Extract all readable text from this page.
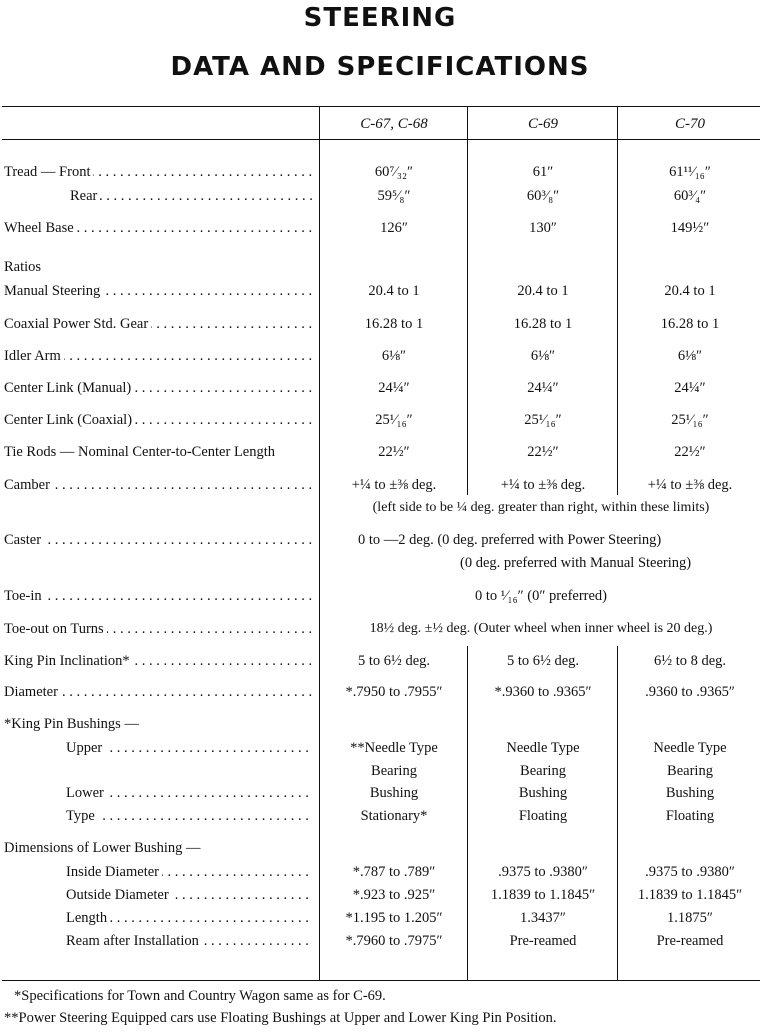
STEERING
DATA AND SPECIFICATIONS
C-67, C-68	C-69	C-70
Tread — Front . . .	60⁷⁄₃₂″	61″	61¹¹⁄₁₆″
Rear . . .	59⁵⁄₈″	60³⁄₈″	60³⁄₄″
Wheel Base . . .	126″	130″	149½″
Ratios
Manual Steering . . .	20.4 to 1	20.4 to 1	20.4 to 1
Coaxial Power Std. Gear . . .	16.28 to 1	16.28 to 1	16.28 to 1
Idler Arm . . .	6⅛″	6⅛″	6⅛″
Center Link (Manual) . . .	24¼″	24¼″	24¼″
Center Link (Coaxial) . . .	25¹⁄₁₆″	25¹⁄₁₆″	25¹⁄₁₆″
Tie Rods — Nominal Center-to-Center Length	22½″	22½″	22½″
Camber . . .	+¼ to ±⅜ deg.	+¼ to ±⅜ deg.	+¼ to ±⅜ deg.
(left side to be ¼ deg. greater than right, within these limits)
Caster . . .	0 to —2 deg. (0 deg. preferred with Power Steering)
(0 deg. preferred with Manual Steering)
Toe-in . . .	0 to ¹⁄₁₆″ (0″ preferred)
Toe-out on Turns . . .	18½ deg. ±½ deg. (Outer wheel when inner wheel is 20 deg.)
King Pin Inclination* . . .	5 to 6½ deg.	5 to 6½ deg.	6½ to 8 deg.
Diameter . . .	*.7950 to .7955″	*.9360 to .9365″	.9360 to .9365″
*King Pin Bushings —
Upper . . .	**Needle Type	Needle Type	Needle Type
Bearing	Bearing	Bearing
Lower . . .	Bushing	Bushing	Bushing
Type . . .	Stationary*	Floating	Floating
Dimensions of Lower Bushing —
Inside Diameter . . .	*.787 to .789″	.9375 to .9380″	.9375 to .9380″
Outside Diameter . . .	*.923 to .925″	1.1839 to 1.1845″	1.1839 to 1.1845″
Length . . .	*1.195 to 1.205″	1.3437″	1.1875″
Ream after Installation . . .	*.7960 to .7975″	Pre-reamed	Pre-reamed
*Specifications for Town and Country Wagon same as for C-69.
**Power Steering Equipped cars use Floating Bushings at Upper and Lower King Pin Position.
